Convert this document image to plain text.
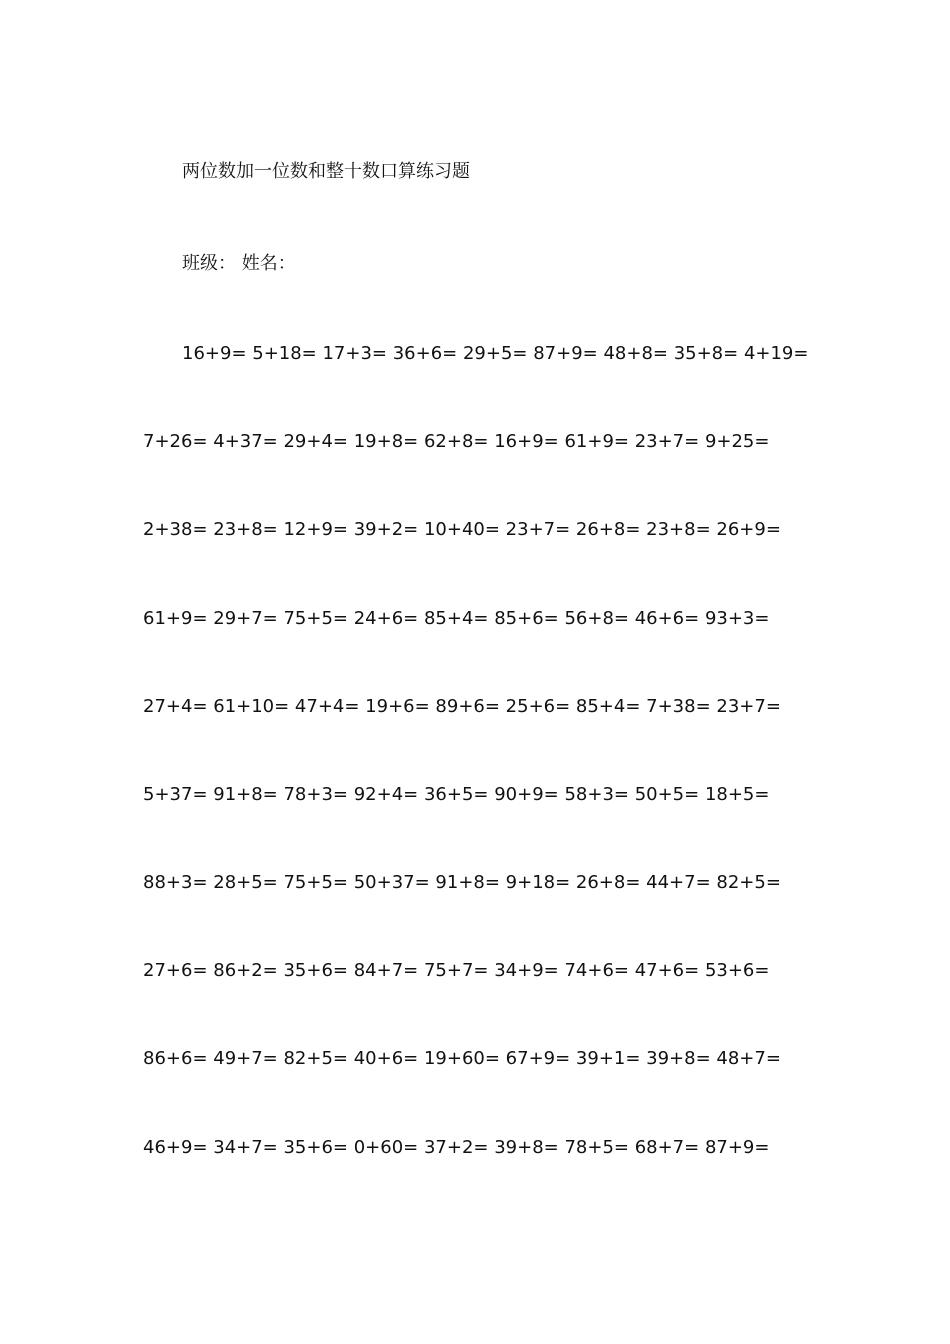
两位数加一位数和整十数口算练习题
班级： 姓名：
16+9= 5+18= 17+3= 36+6= 29+5= 87+9= 48+8= 35+8= 4+19=
7+26= 4+37= 29+4= 19+8= 62+8= 16+9= 61+9= 23+7= 9+25=
2+38= 23+8= 12+9= 39+2= 10+40= 23+7= 26+8= 23+8= 26+9=
61+9= 29+7= 75+5= 24+6= 85+4= 85+6= 56+8= 46+6= 93+3=
27+4= 61+10= 47+4= 19+6= 89+6= 25+6= 85+4= 7+38= 23+7=
5+37= 91+8= 78+3= 92+4= 36+5= 90+9= 58+3= 50+5= 18+5=
88+3= 28+5= 75+5= 50+37= 91+8= 9+18= 26+8= 44+7= 82+5=
27+6= 86+2= 35+6= 84+7= 75+7= 34+9= 74+6= 47+6= 53+6=
86+6= 49+7= 82+5= 40+6= 19+60= 67+9= 39+1= 39+8= 48+7=
46+9= 34+7= 35+6= 0+60= 37+2= 39+8= 78+5= 68+7= 87+9=
